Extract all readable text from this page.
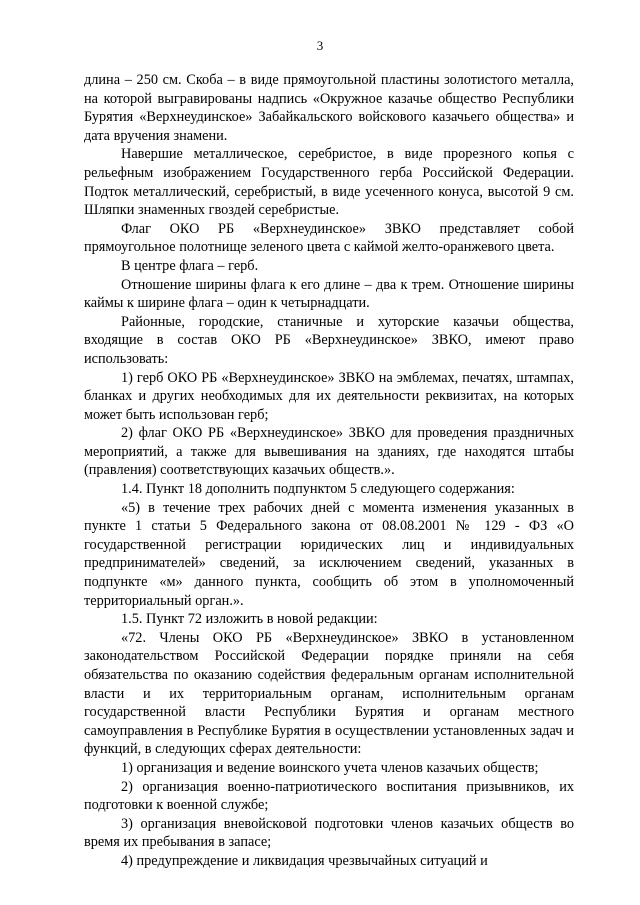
3

длина – 250 см. Скоба – в виде прямоугольной пластины золотистого металла, на которой выгравированы надпись «Окружное казачье общество Республики Бурятия «Верхнеудинское» Забайкальского войскового казачьего общества» и дата вручения знамени.

Навершие металлическое, серебристое, в виде прорезного копья с рельефным изображением Государственного герба Российской Федерации. Подток металлический, серебристый, в виде усеченного конуса, высотой 9 см. Шляпки знаменных гвоздей серебристые.

Флаг ОКО РБ «Верхнеудинское» ЗВКО представляет собой прямоугольное полотнище зеленого цвета с каймой желто-оранжевого цвета.

В центре флага – герб.

Отношение ширины флага к его длине – два к трем. Отношение ширины каймы к ширине флага – один к четырнадцати.

Районные, городские, станичные и хуторские казачьи общества, входящие в состав ОКО РБ «Верхнеудинское» ЗВКО, имеют право использовать:

1) герб ОКО РБ «Верхнеудинское» ЗВКО на эмблемах, печатях, штампах, бланках и других необходимых для их деятельности реквизитах, на которых может быть использован герб;

2) флаг ОКО РБ «Верхнеудинское» ЗВКО для проведения праздничных мероприятий, а также для вывешивания на зданиях, где находятся штабы (правления) соответствующих казачьих обществ.».

1.4. Пункт 18 дополнить подпунктом 5 следующего содержания:

«5) в течение трех рабочих дней с момента изменения указанных в пункте 1 статьи 5 Федерального закона от 08.08.2001 № 129 - ФЗ «О государственной регистрации юридических лиц и индивидуальных предпринимателей» сведений, за исключением сведений, указанных в подпункте «м» данного пункта, сообщить об этом в уполномоченный территориальный орган.».

1.5. Пункт 72 изложить в новой редакции:

«72. Члены ОКО РБ «Верхнеудинское» ЗВКО в установленном законодательством Российской Федерации порядке приняли на себя обязательства по оказанию содействия федеральным органам исполнительной власти и их территориальным органам, исполнительным органам государственной власти Республики Бурятия и органам местного самоуправления в Республике Бурятия в осуществлении установленных задач и функций, в следующих сферах деятельности:

1) организация и ведение воинского учета членов казачьих обществ;

2) организация военно-патриотического воспитания призывников, их подготовки к военной службе;

3) организация вневойсковой подготовки членов казачьих обществ во время их пребывания в запасе;

4) предупреждение и ликвидация чрезвычайных ситуаций и
